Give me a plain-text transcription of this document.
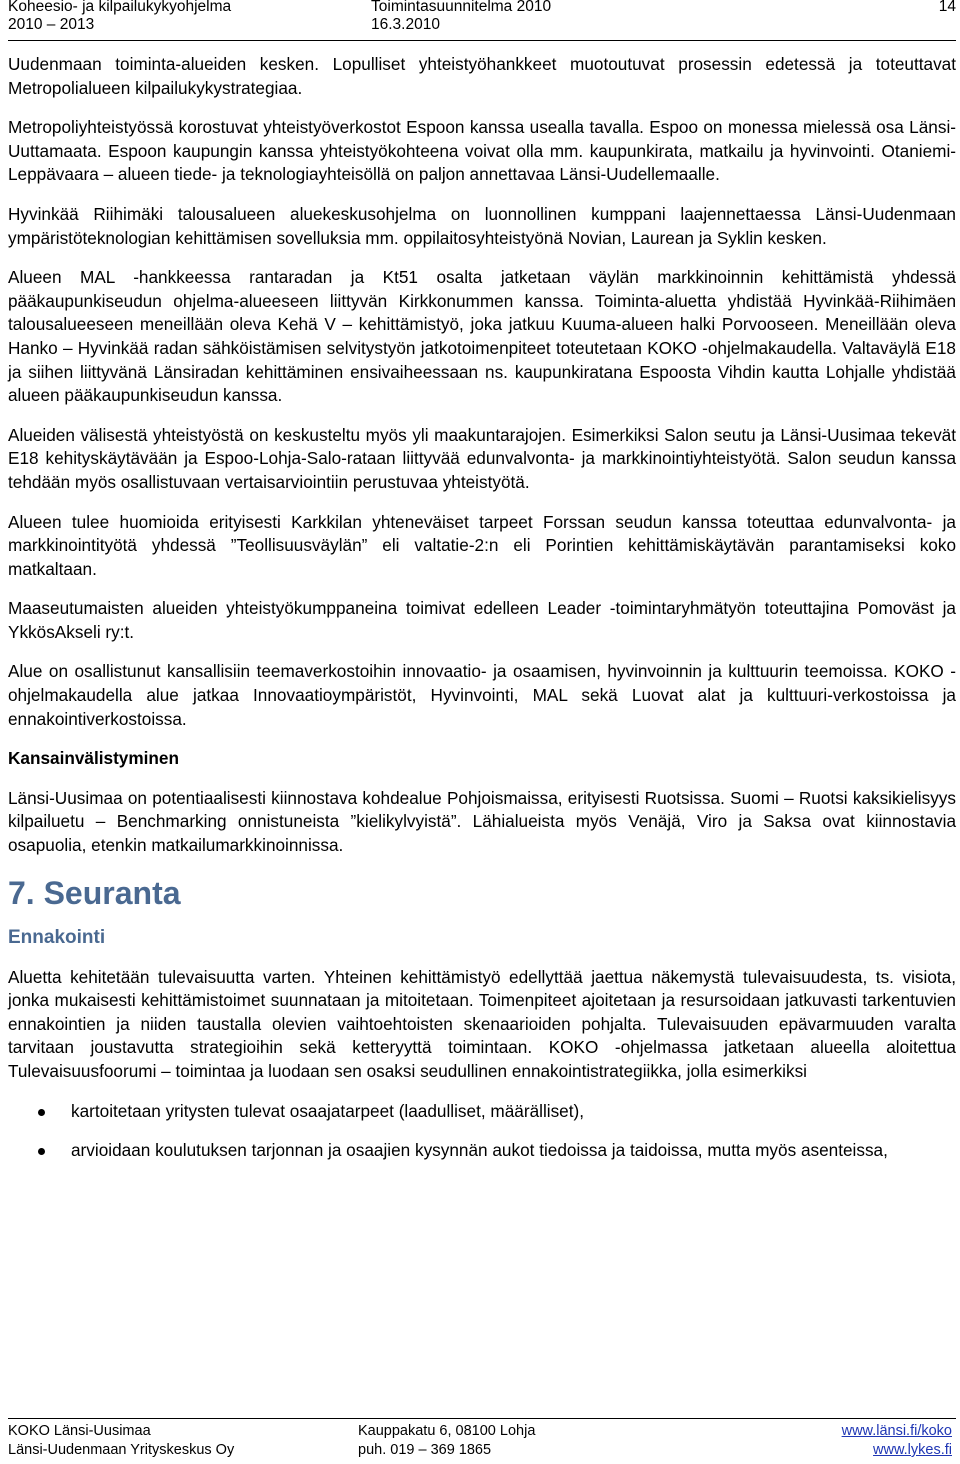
Koheesio- ja kilpailukykyohjelma
2010 – 2013
Toimintasuunnitelma 2010
16.3.2010
14

Uudenmaan toiminta-alueiden kesken. Lopulliset yhteistyöhankkeet muotoutuvat prosessin edetessä ja toteuttavat Metropolialueen kilpailukykystrategiaa.

Metropoliyhteistyössä korostuvat yhteistyöverkostot Espoon kanssa usealla tavalla. Espoo on monessa mielessä osa Länsi-Uuttamaata. Espoon kaupungin kanssa yhteistyökohteena voivat olla mm. kaupunkirata, matkailu ja hyvinvointi. Otaniemi-Leppävaara – alueen tiede- ja teknologiayhteisöllä on paljon annettavaa Länsi-Uudellemaalle.

Hyvinkää Riihimäki talousalueen aluekeskusohjelma on luonnollinen kumppani laajennettaessa Länsi-Uudenmaan ympäristöteknologian kehittämisen sovelluksia mm. oppilaitosyhteistyönä Novian, Laurean ja Syklin kesken.

Alueen MAL -hankkeessa rantaradan ja Kt51 osalta jatketaan väylän markkinoinnin kehittämistä yhdessä pääkaupunkiseudun ohjelma-alueeseen liittyvän Kirkkonummen kanssa. Toiminta-aluetta yhdistää Hyvinkää-Riihimäen talousalueeseen meneillään oleva Kehä V – kehittämistyö, joka jatkuu Kuuma-alueen halki Porvooseen. Meneillään oleva Hanko – Hyvinkää radan sähköistämisen selvitystyön jatkotoimenpiteet toteutetaan KOKO -ohjelmakaudella. Valtaväylä E18 ja siihen liittyvänä Länsiradan kehittäminen ensivaiheessaan ns. kaupunkiratana Espoosta Vihdin kautta Lohjalle yhdistää alueen pääkaupunkiseudun kanssa.

Alueiden välisestä yhteistyöstä on keskusteltu myös yli maakuntarajojen. Esimerkiksi Salon seutu ja Länsi-Uusimaa tekevät E18 kehityskäytävään ja Espoo-Lohja-Salo-rataan liittyvää edunvalvonta- ja markkinointiyhteistyötä. Salon seudun kanssa tehdään myös osallistuvaan vertaisarviointiin perustuvaa yhteistyötä.

Alueen tulee huomioida erityisesti Karkkilan yhteneväiset tarpeet Forssan seudun kanssa toteuttaa edunvalvonta- ja markkinointityötä yhdessä ”Teollisuusväylän” eli valtatie-2:n eli Porintien kehittämiskäytävän parantamiseksi koko matkaltaan.

Maaseutumaisten alueiden yhteistyökumppaneina toimivat edelleen Leader -toimintaryhmätyön toteuttajina Pomoväst ja YkkösAkseli ry:t.

Alue on osallistunut kansallisiin teemaverkostoihin innovaatio- ja osaamisen, hyvinvoinnin ja kulttuurin teemoissa. KOKO -ohjelmakaudella alue jatkaa Innovaatioympäristöt, Hyvinvointi, MAL sekä Luovat alat ja kulttuuri-verkostoissa ja ennakointiverkostoissa.

Kansainvälistyminen

Länsi-Uusimaa on potentiaalisesti kiinnostava kohdealue Pohjoismaissa, erityisesti Ruotsissa. Suomi – Ruotsi kaksikielisyys kilpailuetu – Benchmarking onnistuneista ”kielikylvyistä”. Lähialueista myös Venäjä, Viro ja Saksa ovat kiinnostavia osapuolia, etenkin matkailumarkkinoinnissa.

7. Seuranta
Ennakointi

Aluetta kehitetään tulevaisuutta varten. Yhteinen kehittämistyö edellyttää jaettua näkemystä tulevaisuudesta, ts. visiota, jonka mukaisesti kehittämistoimet suunnataan ja mitoitetaan. Toimenpiteet ajoitetaan ja resursoidaan jatkuvasti tarkentuvien ennakointien ja niiden taustalla olevien vaihtoehtoisten skenaarioiden pohjalta. Tulevaisuuden epävarmuuden varalta tarvitaan joustavutta strategioihin sekä ketteryyttä toimintaan. KOKO -ohjelmassa jatketaan alueella aloitettua Tulevaisuusfoorumi – toimintaa ja luodaan sen osaksi seudullinen ennakointistrategiikka, jolla esimerkiksi

kartoitetaan yritysten tulevat osaajatarpeet (laadulliset, määrälliset),
arvioidaan koulutuksen tarjonnan ja osaajien kysynnän aukot tiedoissa ja taidoissa, mutta myös asenteissa,
KOKO Länsi-Uusimaa
Länsi-Uudenmaan Yrityskeskus Oy
Kauppakatu 6, 08100 Lohja
puh. 019 – 369 1865
www.länsi.fi/koko
www.lykes.fi
